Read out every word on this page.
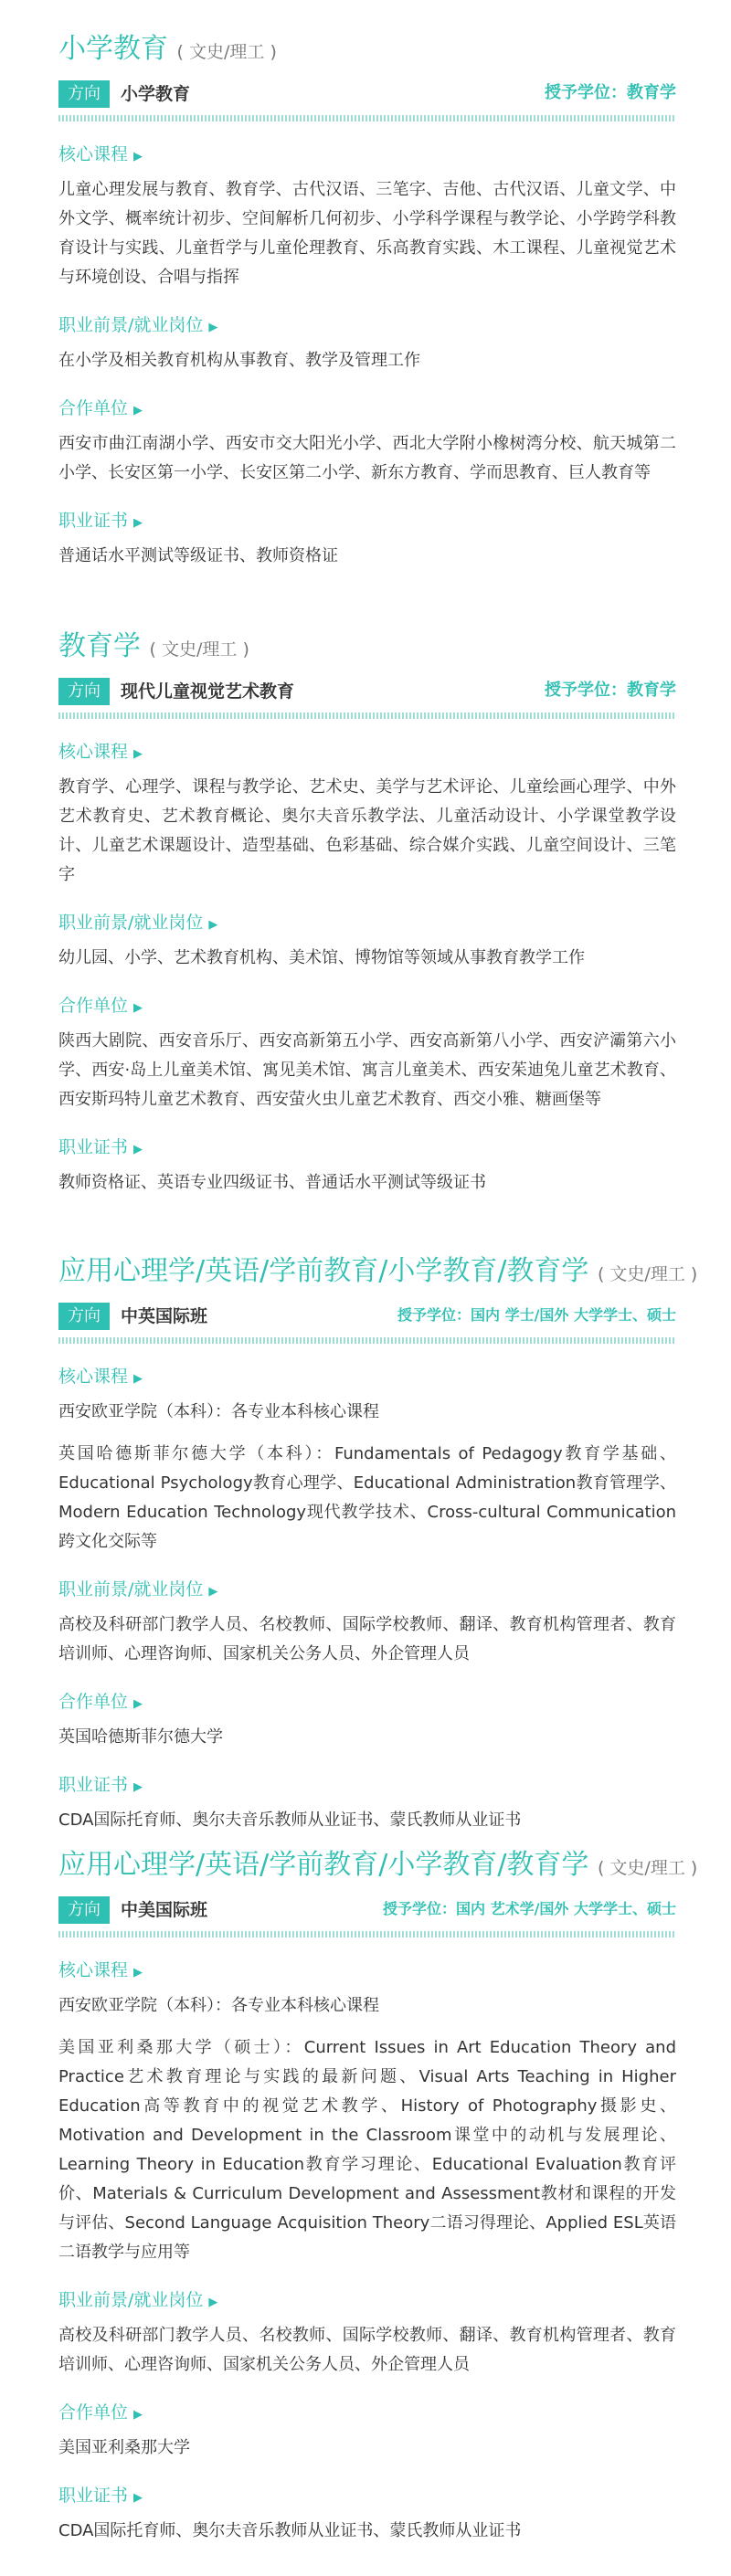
小学教育 ( 文史/理工 )
方向 小学教育	授予学位：教育学
核心课程 ▶
儿童心理发展与教育、教育学、古代汉语、三笔字、吉他、古代汉语、儿童文学、中外文学、概率统计初步、空间解析几何初步、小学科学课程与教学论、小学跨学科教育设计与实践、儿童哲学与儿童伦理教育、乐高教育实践、木工课程、儿童视觉艺术与环境创设、合唱与指挥
职业前景/就业岗位 ▶
在小学及相关教育机构从事教育、教学及管理工作
合作单位 ▶
西安市曲江南湖小学、西安市交大阳光小学、西北大学附小橡树湾分校、航天城第二小学、长安区第一小学、长安区第二小学、新东方教育、学而思教育、巨人教育等
职业证书 ▶
普通话水平测试等级证书、教师资格证
教育学 ( 文史/理工 )
方向 现代儿童视觉艺术教育	授予学位：教育学
核心课程 ▶
教育学、心理学、课程与教学论、艺术史、美学与艺术评论、儿童绘画心理学、中外艺术教育史、艺术教育概论、奥尔夫音乐教学法、儿童活动设计、小学课堂教学设计、儿童艺术课题设计、造型基础、色彩基础、综合媒介实践、儿童空间设计、三笔字
职业前景/就业岗位 ▶
幼儿园、小学、艺术教育机构、美术馆、博物馆等领域从事教育教学工作
合作单位 ▶
陕西大剧院、西安音乐厅、西安高新第五小学、西安高新第八小学、西安浐灞第六小学、西安·岛上儿童美术馆、寓见美术馆、寓言儿童美术、西安茱迪兔儿童艺术教育、西安斯玛特儿童艺术教育、西安萤火虫儿童艺术教育、西交小雅、糖画堡等
职业证书 ▶
教师资格证、英语专业四级证书、普通话水平测试等级证书
应用心理学/英语/学前教育/小学教育/教育学 ( 文史/理工 )
方向 中英国际班	授予学位：国内 学士/国外 大学学士、硕士
核心课程 ▶
西安欧亚学院（本科）：各专业本科核心课程
英国哈德斯菲尔德大学（本科）：Fundamentals of Pedagogy教育学基础、Educational Psychology教育心理学、Educational Administration教育管理学、Modern Education Technology现代教学技术、Cross-cultural Communication跨文化交际等
职业前景/就业岗位 ▶
高校及科研部门教学人员、名校教师、国际学校教师、翻译、教育机构管理者、教育培训师、心理咨询师、国家机关公务人员、外企管理人员
合作单位 ▶
英国哈德斯菲尔德大学
职业证书 ▶
CDA国际托育师、奥尔夫音乐教师从业证书、蒙氏教师从业证书
应用心理学/英语/学前教育/小学教育/教育学 ( 文史/理工 )
方向 中美国际班	授予学位：国内 艺术学/国外 大学学士、硕士
核心课程 ▶
西安欧亚学院（本科）：各专业本科核心课程
美国亚利桑那大学（硕士）：Current Issues in Art Education Theory and Practice艺术教育理论与实践的最新问题、Visual Arts Teaching in Higher Education高等教育中的视觉艺术教学、History of Photography摄影史、Motivation and Development in the Classroom课堂中的动机与发展理论、Learning Theory in Education教育学习理论、Educational Evaluation教育评价、Materials & Curriculum Development and Assessment教材和课程的开发与评估、Second Language Acquisition Theory二语习得理论、Applied ESL英语二语教学与应用等
职业前景/就业岗位 ▶
高校及科研部门教学人员、名校教师、国际学校教师、翻译、教育机构管理者、教育培训师、心理咨询师、国家机关公务人员、外企管理人员
合作单位 ▶
美国亚利桑那大学
职业证书 ▶
CDA国际托育师、奥尔夫音乐教师从业证书、蒙氏教师从业证书
